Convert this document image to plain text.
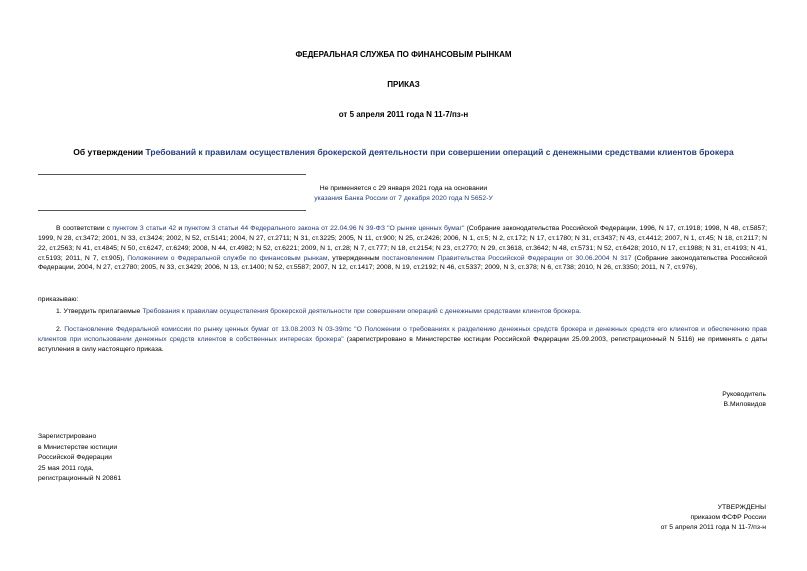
ФЕДЕРАЛЬНАЯ СЛУЖБА ПО ФИНАНСОВЫМ РЫНКАМ
ПРИКАЗ
от 5 апреля 2011 года N 11-7/пз-н
Об утверждении Требований к правилам осуществления брокерской деятельности при совершении операций с денежными средствами клиентов брокера
Не применяется с 29 января 2021 года на основании
указания Банка России от 7 декабря 2020 года N 5652-У
В соответствии с пунктом 3 статьи 42 и пунктом 3 статьи 44 Федерального закона от 22.04.96 N 39-ФЗ "О рынке ценных бумаг" (Собрание законодательства Российской Федерации, 1996, N 17, ст.1918; 1998, N 48, ст.5857; 1999, N 28, ст.3472; 2001, N 33, ст.3424; 2002, N 52, ст.5141; 2004, N 27, ст.2711; N 31, ст.3225; 2005, N 11, ст.900; N 25, ст.2426; 2006, N 1, ст.5; N 2, ст.172; N 17, ст.1780; N 31, ст.3437; N 43, ст.4412; 2007, N 1, ст.45; N 18, ст.2117; N 22, ст.2563; N 41, ст.4845; N 50, ст.6247, ст.6249; 2008, N 44, ст.4982; N 52, ст.6221; 2009, N 1, ст.28; N 7, ст.777; N 18, ст.2154; N 23, ст.2770; N 29, ст.3618, ст.3642; N 48, ст.5731; N 52, ст.6428; 2010, N 17, ст.1988; N 31, ст.4193; N 41, ст.5193; 2011, N 7, ст.905), Положением о Федеральной службе по финансовым рынкам, утвержденным постановлением Правительства Российской Федерации от 30.06.2004 N 317 (Собрание законодательства Российской Федерации, 2004, N 27, ст.2780; 2005, N 33, ст.3429; 2006, N 13, ст.1400; N 52, ст.5587; 2007, N 12, ст.1417; 2008, N 19, ст.2192; N 46, ст.5337; 2009, N 3, ст.378; N 6, ст.738; 2010, N 26, ст.3350; 2011, N 7, ст.976),
приказываю:
1. Утвердить прилагаемые Требования к правилам осуществления брокерской деятельности при совершении операций с денежными средствами клиентов брокера.
2. Постановление Федеральной комиссии по рынку ценных бумаг от 13.08.2003 N 03-39/пс "О Положении о требованиях к разделению денежных средств брокера и денежных средств его клиентов и обеспечению прав клиентов при использовании денежных средств клиентов в собственных интересах брокера" (зарегистрировано в Министерстве юстиции Российской Федерации 25.09.2003, регистрационный N 5116) не применять с даты вступления в силу настоящего приказа.
Руководитель
В.Миловидов
Зарегистрировано
в Министерстве юстиции
Российской Федерации
25 мая 2011 года,
регистрационный N 20861
УТВЕРЖДЕНЫ
приказом ФСФР России
от 5 апреля 2011 года N 11-7/пз-н
